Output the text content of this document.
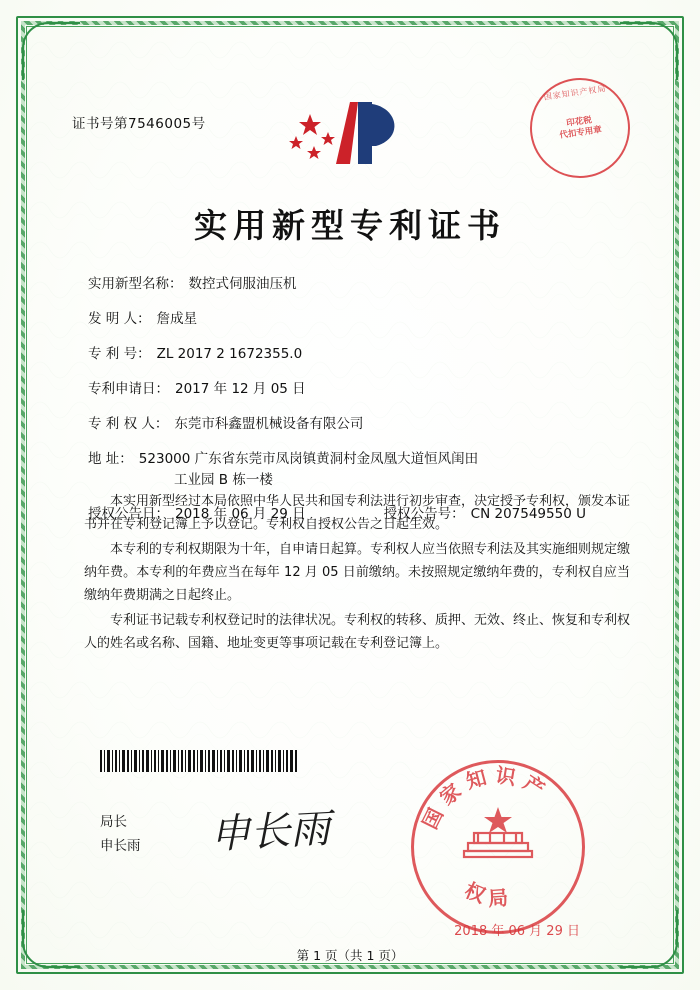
证书号第7546005号
国家知识产权局
印花税
代扣专用章
实用新型专利证书
实用新型名称： 数控式伺服油压机
发 明 人： 詹成星
专 利 号： ZL 2017 2 1672355.0
专利申请日： 2017 年 12 月 05 日
专 利 权 人： 东莞市科鑫盟机械设备有限公司
地 址： 523000 广东省东莞市凤岗镇黄洞村金凤凰大道恒风闺田
工业园 B 栋一楼
授权公告日： 2018 年 06 月 29 日	授权公告号： CN 207549550 U

本实用新型经过本局依照中华人民共和国专利法进行初步审查，决定授予专利权，颁发本证书并在专利登记簿上予以登记。专利权自授权公告之日起生效。

本专利的专利权期限为十年，自申请日起算。专利权人应当依照专利法及其实施细则规定缴纳年费。本专利的年费应当在每年 12 月 05 日前缴纳。未按照规定缴纳年费的，专利权自应当缴纳年费期满之日起终止。

专利证书记载专利权登记时的法律状况。专利权的转移、质押、无效、终止、恢复和专利权人的姓名或名称、国籍、地址变更等事项记载在专利登记簿上。

局长
申长雨 申长雨	国家知识产
权局
2018 年 06 月 29 日
第 1 页（共 1 页）
